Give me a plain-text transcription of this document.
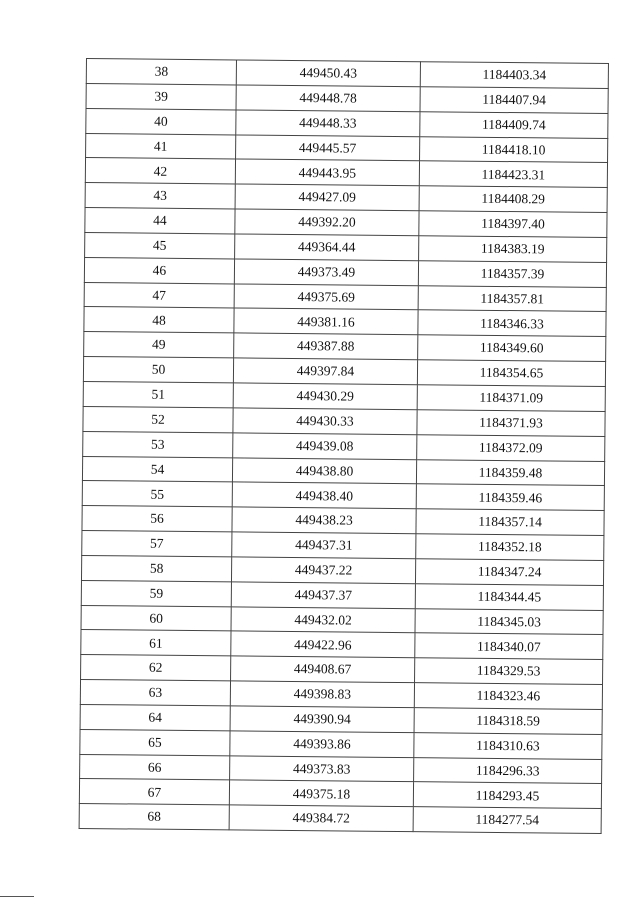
38	449450.43	1184403.34
39	449448.78	1184407.94
40	449448.33	1184409.74
41	449445.57	1184418.10
42	449443.95	1184423.31
43	449427.09	1184408.29
44	449392.20	1184397.40
45	449364.44	1184383.19
46	449373.49	1184357.39
47	449375.69	1184357.81
48	449381.16	1184346.33
49	449387.88	1184349.60
50	449397.84	1184354.65
51	449430.29	1184371.09
52	449430.33	1184371.93
53	449439.08	1184372.09
54	449438.80	1184359.48
55	449438.40	1184359.46
56	449438.23	1184357.14
57	449437.31	1184352.18
58	449437.22	1184347.24
59	449437.37	1184344.45
60	449432.02	1184345.03
61	449422.96	1184340.07
62	449408.67	1184329.53
63	449398.83	1184323.46
64	449390.94	1184318.59
65	449393.86	1184310.63
66	449373.83	1184296.33
67	449375.18	1184293.45
68	449384.72	1184277.54
